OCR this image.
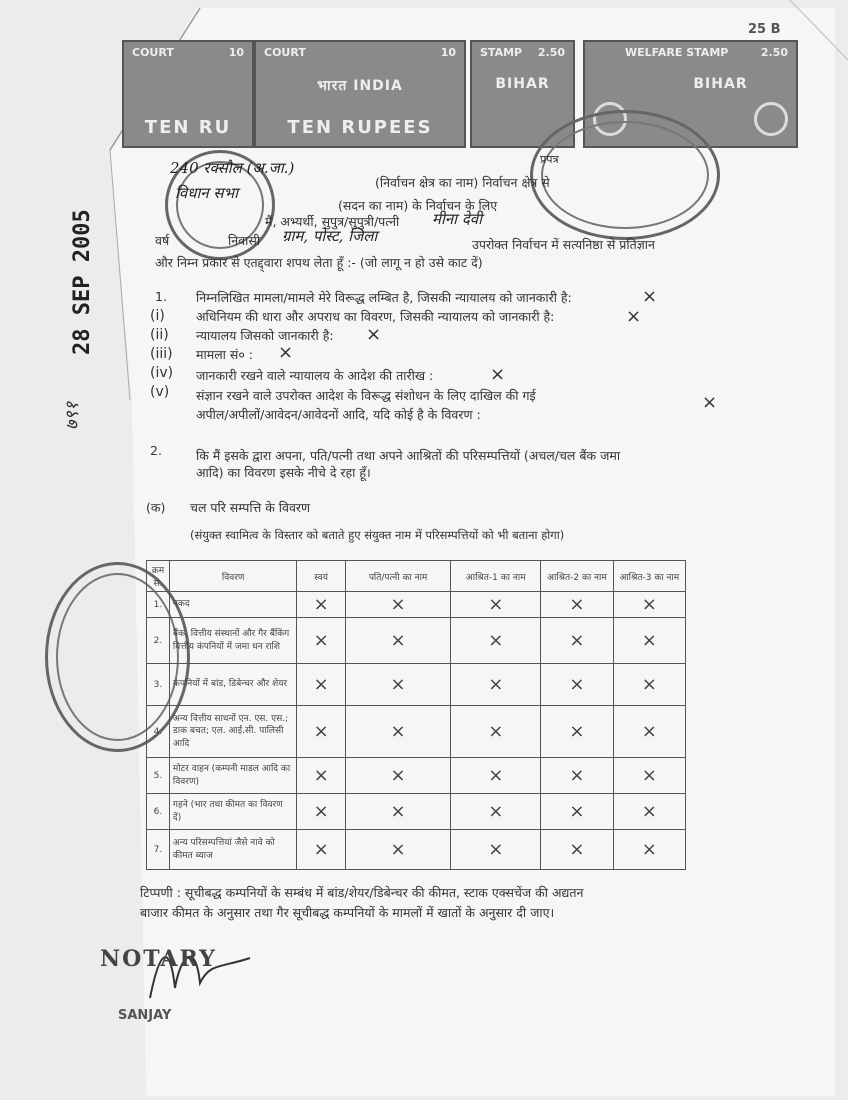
25 B
COURT	10
TEN RU
COURT	10
भारत INDIA
TEN RUPEES
STAMP 2.50
BIHAR
WELFARE STAMP	2.50
BIHAR
प्रपत्र
240 रक्सौल (अ.जा.)
(निर्वाचन क्षेत्र का नाम) निर्वाचन क्षेत्र से
विधान सभा
(सदन का नाम) के निर्वाचन के लिए
मैं, अभ्यर्थी, सुपुत्र/सुपुत्री/पत्नी मीना देवी
वर्ष	निवासी ग्राम, पोस्ट, जिला	उपरोक्त निर्वाचन में सत्यनिष्ठा से प्रतिज्ञान
और निम्न प्रकार से एतद्द्वारा शपथ लेता हूँ :- (जो लागू न हो उसे काट दें)
1. निम्नलिखित मामला/मामले मेरे विरूद्ध लम्बित है, जिसकी न्यायालय को जानकारी है:	×
(i) अधिनियम की धारा और अपराध का विवरण, जिसकी न्यायालय को जानकारी है:	×
(ii) न्यायालय जिसको जानकारी है: ×
(iii) मामला सं० : ×
(iv) जानकारी रखने वाले न्यायालय के आदेश की तारीख :	×
(v) संज्ञान रखने वाले उपरोक्त आदेश के विरूद्ध संशोधन के लिए दाखिल की गई	×
अपील/अपीलों/आवेदन/आवेदनों आदि, यदि कोई है के विवरण :
2.	कि मैं इसके द्वारा अपना, पति/पत्नी तथा अपने आश्रितों की परिसम्पत्तियों (अचल/चल बैंक जमा
आदि) का विवरण इसके नीचे दे रहा हूँ।
(क) चल परि सम्पत्ति के विवरण
(संयुक्त स्वामित्व के विस्तार को बताते हुए संयुक्त नाम में परिसम्पत्तियों को भी बताना होगा)
28 SEP 2005
७९१
क्रम सं.	विवरण	स्वयं	पति/पत्नी का नाम	आश्रित-1 का नाम	आश्रित-2 का नाम	आश्रित-3 का नाम
1.	नकद	×	×	×	×	×
2.	बैंक, वित्तीय संस्थानों और गैर बैंकिंग वित्तीय कंपनियों में जमा धन राशि	×	×	×	×	×
3.	कंपनियों में बांड, डिबेन्चर और शेयर	×	×	×	×	×
4.	अन्य वित्तीय साधनों एन. एस. एस.; डाक बचत; एल. आई.सी. पालिसी आदि	×	×	×	×	×
5.	मोटर वाहन (कम्पनी माडल आदि का विवरण)	×	×	×	×	×
6.	गहने (भार तथा कीमत का विवरण दें)	×	×	×	×	×
7.	अन्य परिसम्पत्तियां जैसे नावे को कीमत ब्याज	×	×	×	×	×
टिप्पणी : सूचीबद्ध कम्पनियों के सम्बंध में बांड/शेयर/डिबेन्चर की कीमत, स्टाक एक्सचेंज की अद्यतन
बाजार कीमत के अनुसार तथा गैर सूचीबद्ध कम्पनियों के मामलों में खातों के अनुसार दी जाए।
NOTARY
SANJAY
